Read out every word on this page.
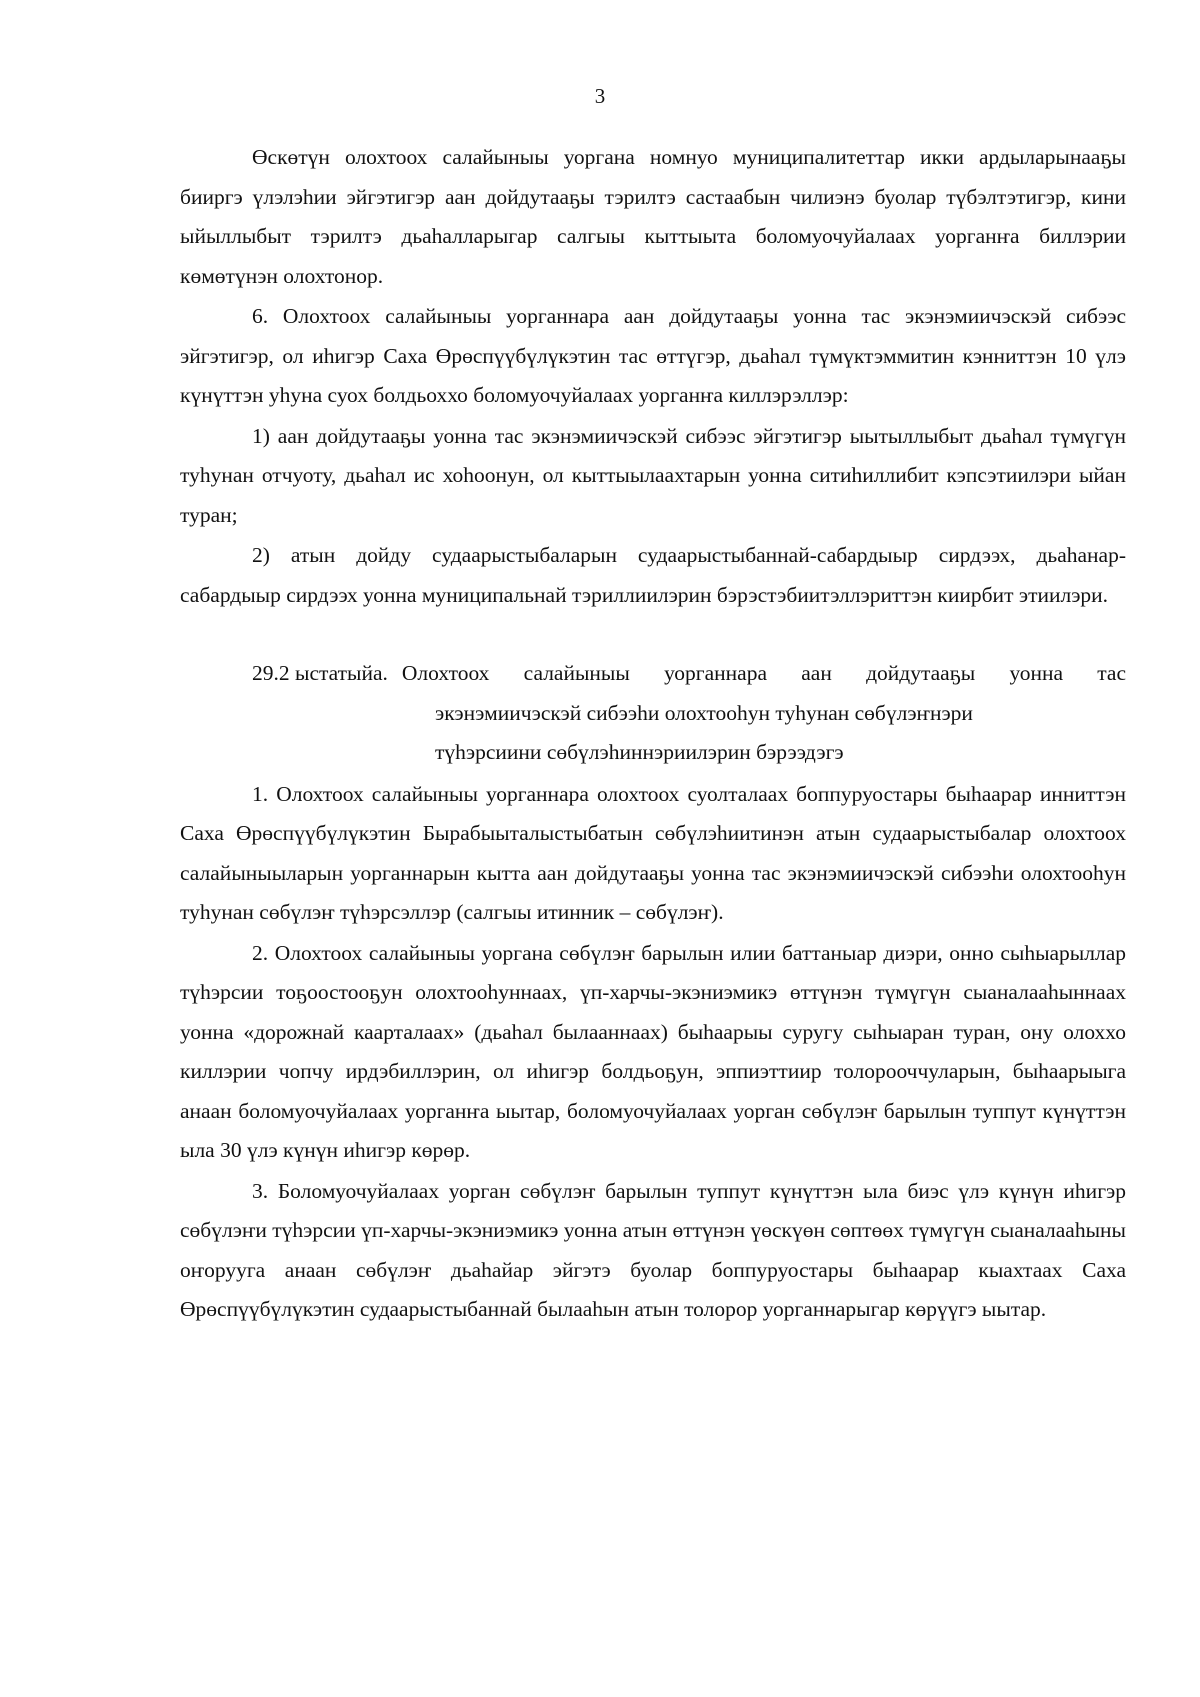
3

Өскөтүн олохтоох салайыныы уоргана номнуо муниципалитеттар икки ардыларынааҕы бииргэ үлэлэһии эйгэтигэр аан дойдутааҕы тэрилтэ састаабын чилиэнэ буолар түбэлтэтигэр, кини ыйыллыбыт тэрилтэ дьаһалларыгар салгыы кыттыыта боломуочуйалаах уорганҥа биллэрии көмөтүнэн олохтонор.

6. Олохтоох салайыныы уорганнара аан дойдутааҕы уонна тас экэнэмиичэскэй сибээс эйгэтигэр, ол иһигэр Саха Өрөспүүбүлүкэтин тас өттүгэр, дьаһал түмүктэммитин кэнниттэн 10 үлэ күнүттэн уһуна суох болдьоххо боломуочуйалаах уорганҥа киллэрэллэр:

1) аан дойдутааҕы уонна тас экэнэмиичэскэй сибээс эйгэтигэр ыытыллыбыт дьаһал түмүгүн туһунан отчуоту, дьаһал ис хоһоонун, ол кыттыылаахтарын уонна ситиһиллибит кэпсэтиилэри ыйан туран;

2) атын дойду судаарыстыбаларын судаарыстыбаннай-сабардыыр сирдээх, дьаһанар-сабардыыр сирдээх уонна муниципальнай тэриллиилэрин бэрэстэбиитэллэриттэн киирбит этиилэри.

29.2 ыстатыйа. Олохтоох салайыныы уорганнара аан дойдутааҕы уонна тас
экэнэмиичэскэй сибээһи олохтооһун туһунан сөбүлэҥнэри
түһэрсиини сөбүлэһиннэриилэрин бэрээдэгэ

1. Олохтоох салайыныы уорганнара олохтоох суолталаах боппуруостары быһаарар инниттэн Саха Өрөспүүбүлүкэтин Бырабыыталыстыбатын сөбүлэһиитинэн атын судаарыстыбалар олохтоох салайыныыларын уорганнарын кытта аан дойдутааҕы уонна тас экэнэмиичэскэй сибээһи олохтооһун туһунан сөбүлэҥ түһэрсэллэр (салгыы итинник – сөбүлэҥ).

2. Олохтоох салайыныы уоргана сөбүлэҥ барылын илии баттаныар диэри, онно сыһыарыллар түһэрсии тоҕоостооҕун олохтооһуннаах, үп-харчы-экэниэмикэ өттүнэн түмүгүн сыаналааһыннаах уонна «дорожнай каарталаах» (дьаһал былааннаах) быһаарыы суругу сыһыаран туран, ону олоххо киллэрии чопчу ирдэбиллэрин, ол иһигэр болдьоҕун, эппиэттиир толорооччуларын, быһаарыыга анаан боломуочуйалаах уорганҥа ыытар, боломуочуйалаах уорган сөбүлэҥ барылын туппут күнүттэн ыла 30 үлэ күнүн иһигэр көрөр.

3. Боломуочуйалаах уорган сөбүлэҥ барылын туппут күнүттэн ыла биэс үлэ күнүн иһигэр сөбүлэҥи түһэрсии үп-харчы-экэниэмикэ уонна атын өттүнэн үөскүөн сөптөөх түмүгүн сыаналааһыны оҥорууга анаан сөбүлэҥ дьаһайар эйгэтэ буолар боппуруостары быһаарар кыахтаах Саха Өрөспүүбүлүкэтин судаарыстыбаннай былааһын атын толорор уорганнарыгар көрүүгэ ыытар.
